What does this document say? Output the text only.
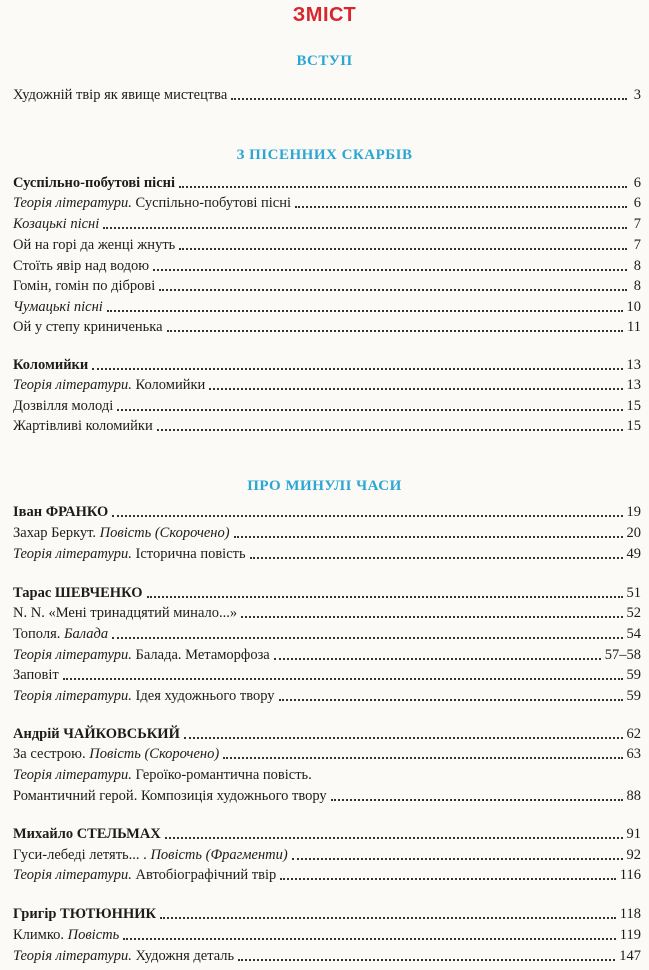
ЗМІСТ
ВСТУП
Художній твір як явище мистецтва	3
З ПІСЕННИХ СКАРБІВ
Суспільно-побутові пісні	6
Теорія літератури. Суспільно-побутові пісні	6
Козацькі пісні	7
Ой на горі да женці жнуть	7
Стоїть явір над водою	8
Гомін, гомін по діброві	8
Чумацькі пісні	10
Ой у степу криниченька	11
Коломийки	13
Теорія літератури. Коломийки	13
Дозвілля молоді	15
Жартівливі коломийки	15
ПРО МИНУЛІ ЧАСИ
Іван ФРАНКО	19
Захар Беркут. Повість (Скорочено)	20
Теорія літератури. Історична повість	49
Тарас ШЕВЧЕНКО	51
N. N. «Мені тринадцятий минало...»	52
Тополя. Балада	54
Теорія літератури. Балада. Метаморфоза	57–58
Заповіт	59
Теорія літератури. Ідея художнього твору	59
Андрій ЧАЙКОВСЬКИЙ	62
За сестрою. Повість (Скорочено)	63
Теорія літератури. Героїко-романтична повість.
Романтичний герой. Композиція художнього твору	88
Михайло СТЕЛЬМАХ	91
Гуси-лебеді летять... . Повість (Фрагменти)	92
Теорія літератури. Автобіографічний твір	116
Григір ТЮТЮННИК	118
Климко. Повість	119
Теорія літератури. Художня деталь	147
